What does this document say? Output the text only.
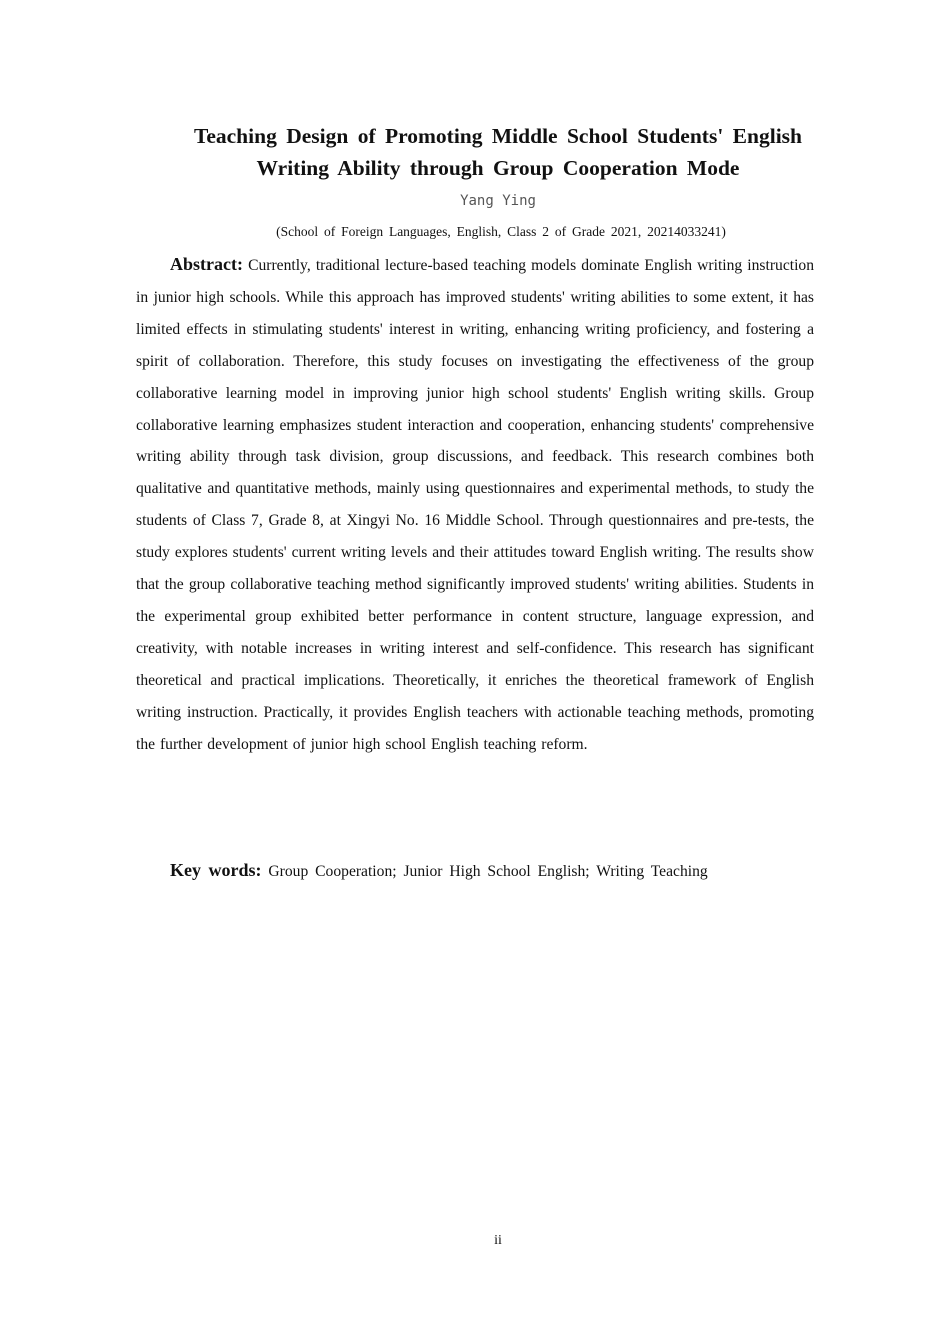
Teaching Design of Promoting Middle School Students' English Writing Ability through Group Cooperation Mode
Yang Ying
(School of Foreign Languages, English, Class 2 of Grade 2021, 20214033241)

Abstract: Currently, traditional lecture-based teaching models dominate English writing instruction in junior high schools. While this approach has improved students' writing abilities to some extent, it has limited effects in stimulating students' interest in writing, enhancing writing proficiency, and fostering a spirit of collaboration. Therefore, this study focuses on investigating the effectiveness of the group collaborative learning model in improving junior high school students' English writing skills. Group collaborative learning emphasizes student interaction and cooperation, enhancing students' comprehensive writing ability through task division, group discussions, and feedback. This research combines both qualitative and quantitative methods, mainly using questionnaires and experimental methods, to study the students of Class 7, Grade 8, at Xingyi No. 16 Middle School. Through questionnaires and pre-tests, the study explores students' current writing levels and their attitudes toward English writing. The results show that the group collaborative teaching method significantly improved students' writing abilities. Students in the experimental group exhibited better performance in content structure, language expression, and creativity, with notable increases in writing interest and self-confidence. This research has significant theoretical and practical implications. Theoretically, it enriches the theoretical framework of English writing instruction. Practically, it provides English teachers with actionable teaching methods, promoting the further development of junior high school English teaching reform.

Key words: Group Cooperation; Junior High School English; Writing Teaching

ii
